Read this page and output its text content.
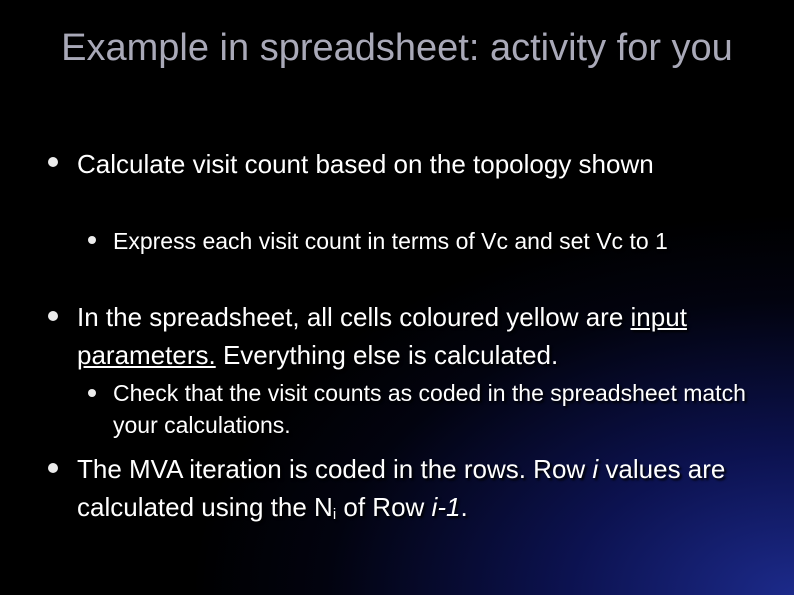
Example in spreadsheet: activity for you
Calculate visit count based on the topology shown
Express each visit count in terms of Vc and set Vc to 1
In the spreadsheet, all cells coloured yellow are input parameters. Everything else is calculated.
Check that the visit counts as coded in the spreadsheet match your calculations.
The MVA iteration is coded in the rows. Row i values are calculated using the $N_i$ of Row i-1.
